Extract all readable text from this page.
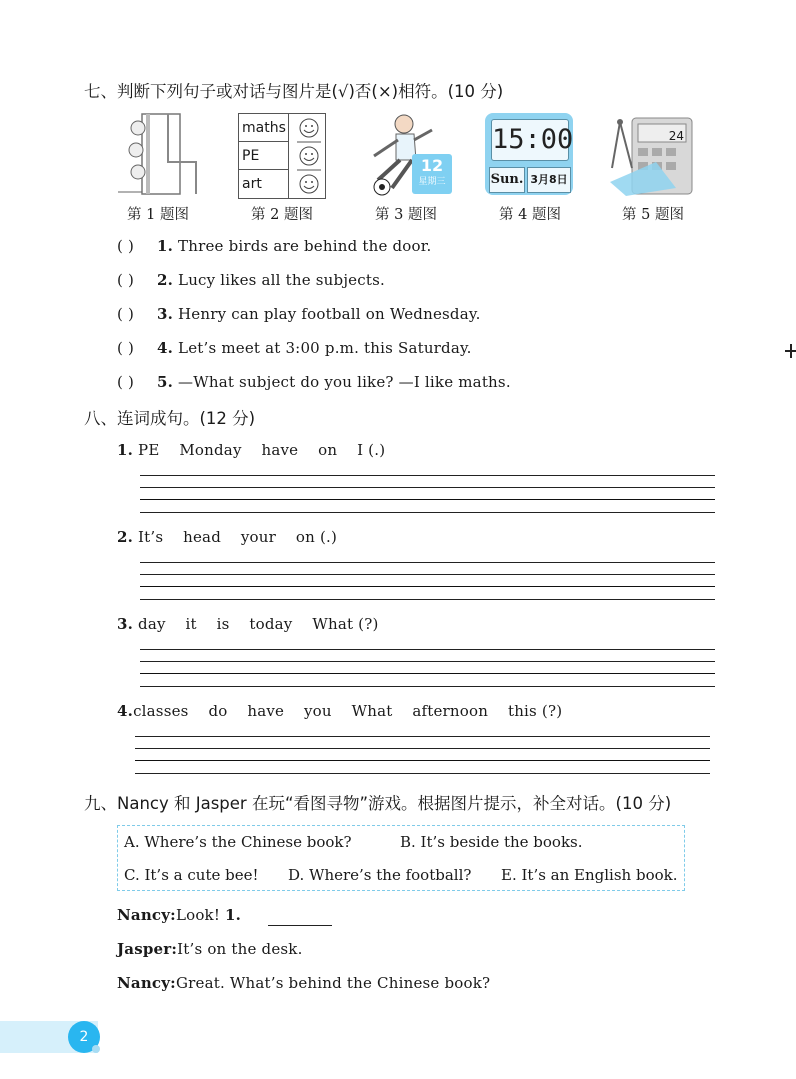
七、判断下列句子或对话与图片是(√)否(×)相符。(10 分)
maths
PE
art
12
星期三
15:00
Sun. 3月8日
24
第 1 题图	第 2 题图	第 3 题图	第 4 题图	第 5 题图
( ) 1. Three birds are behind the door.
( ) 2. Lucy likes all the subjects.
( ) 3. Henry can play football on Wednesday.
( ) 4. Let’s meet at 3:00 p.m. this Saturday.
( ) 5. —What subject do you like? —I like maths.
八、连词成句。(12 分)
1. PE    Monday    have    on    I (.)
2. It’s    head    your    on (.)
3. day    it    is    today    What (?)
4.classes    do    have    you    What    afternoon    this (?)
九、Nancy 和 Jasper 在玩“看图寻物”游戏。根据图片提示，补全对话。(10 分)
A. Where’s the Chinese book?	B. It’s beside the books.
C. It’s a cute bee! D. Where’s the football? E. It’s an English book.
Nancy:Look! 1.
Jasper:It’s on the desk.
Nancy:Great. What’s behind the Chinese book?
2
